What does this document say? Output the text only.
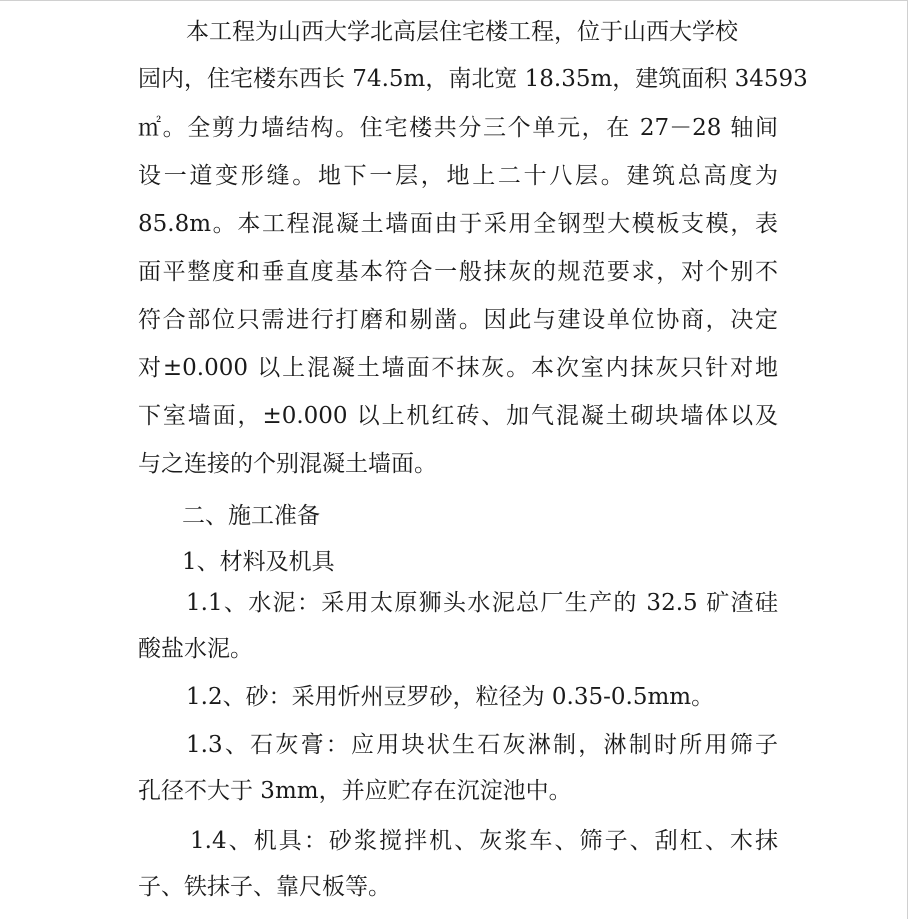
本工程为山西大学北高层住宅楼工程，位于山西大学校

园内，住宅楼东西长 74.5m，南北宽 18.35m，建筑面积 34593

㎡。全剪力墙结构。住宅楼共分三个单元，在 27－28 轴间

设一道变形缝。地下一层，地上二十八层。建筑总高度为

85.8m。本工程混凝土墙面由于采用全钢型大模板支模，表

面平整度和垂直度基本符合一般抹灰的规范要求，对个别不

符合部位只需进行打磨和剔凿。因此与建设单位协商，决定

对±0.000 以上混凝土墙面不抹灰。本次室内抹灰只针对地

下室墙面，±0.000 以上机红砖、加气混凝土砌块墙体以及

与之连接的个别混凝土墙面。

二、施工准备

1、材料及机具

1.1、水泥：采用太原狮头水泥总厂生产的 32.5 矿渣硅

酸盐水泥。

1.2、砂：采用忻州豆罗砂，粒径为 0.35-0.5mm。

1.3、石灰膏：应用块状生石灰淋制，淋制时所用筛子

孔径不大于 3mm，并应贮存在沉淀池中。

1.4、机具：砂浆搅拌机、灰浆车、筛子、刮杠、木抹

子、铁抹子、靠尺板等。
